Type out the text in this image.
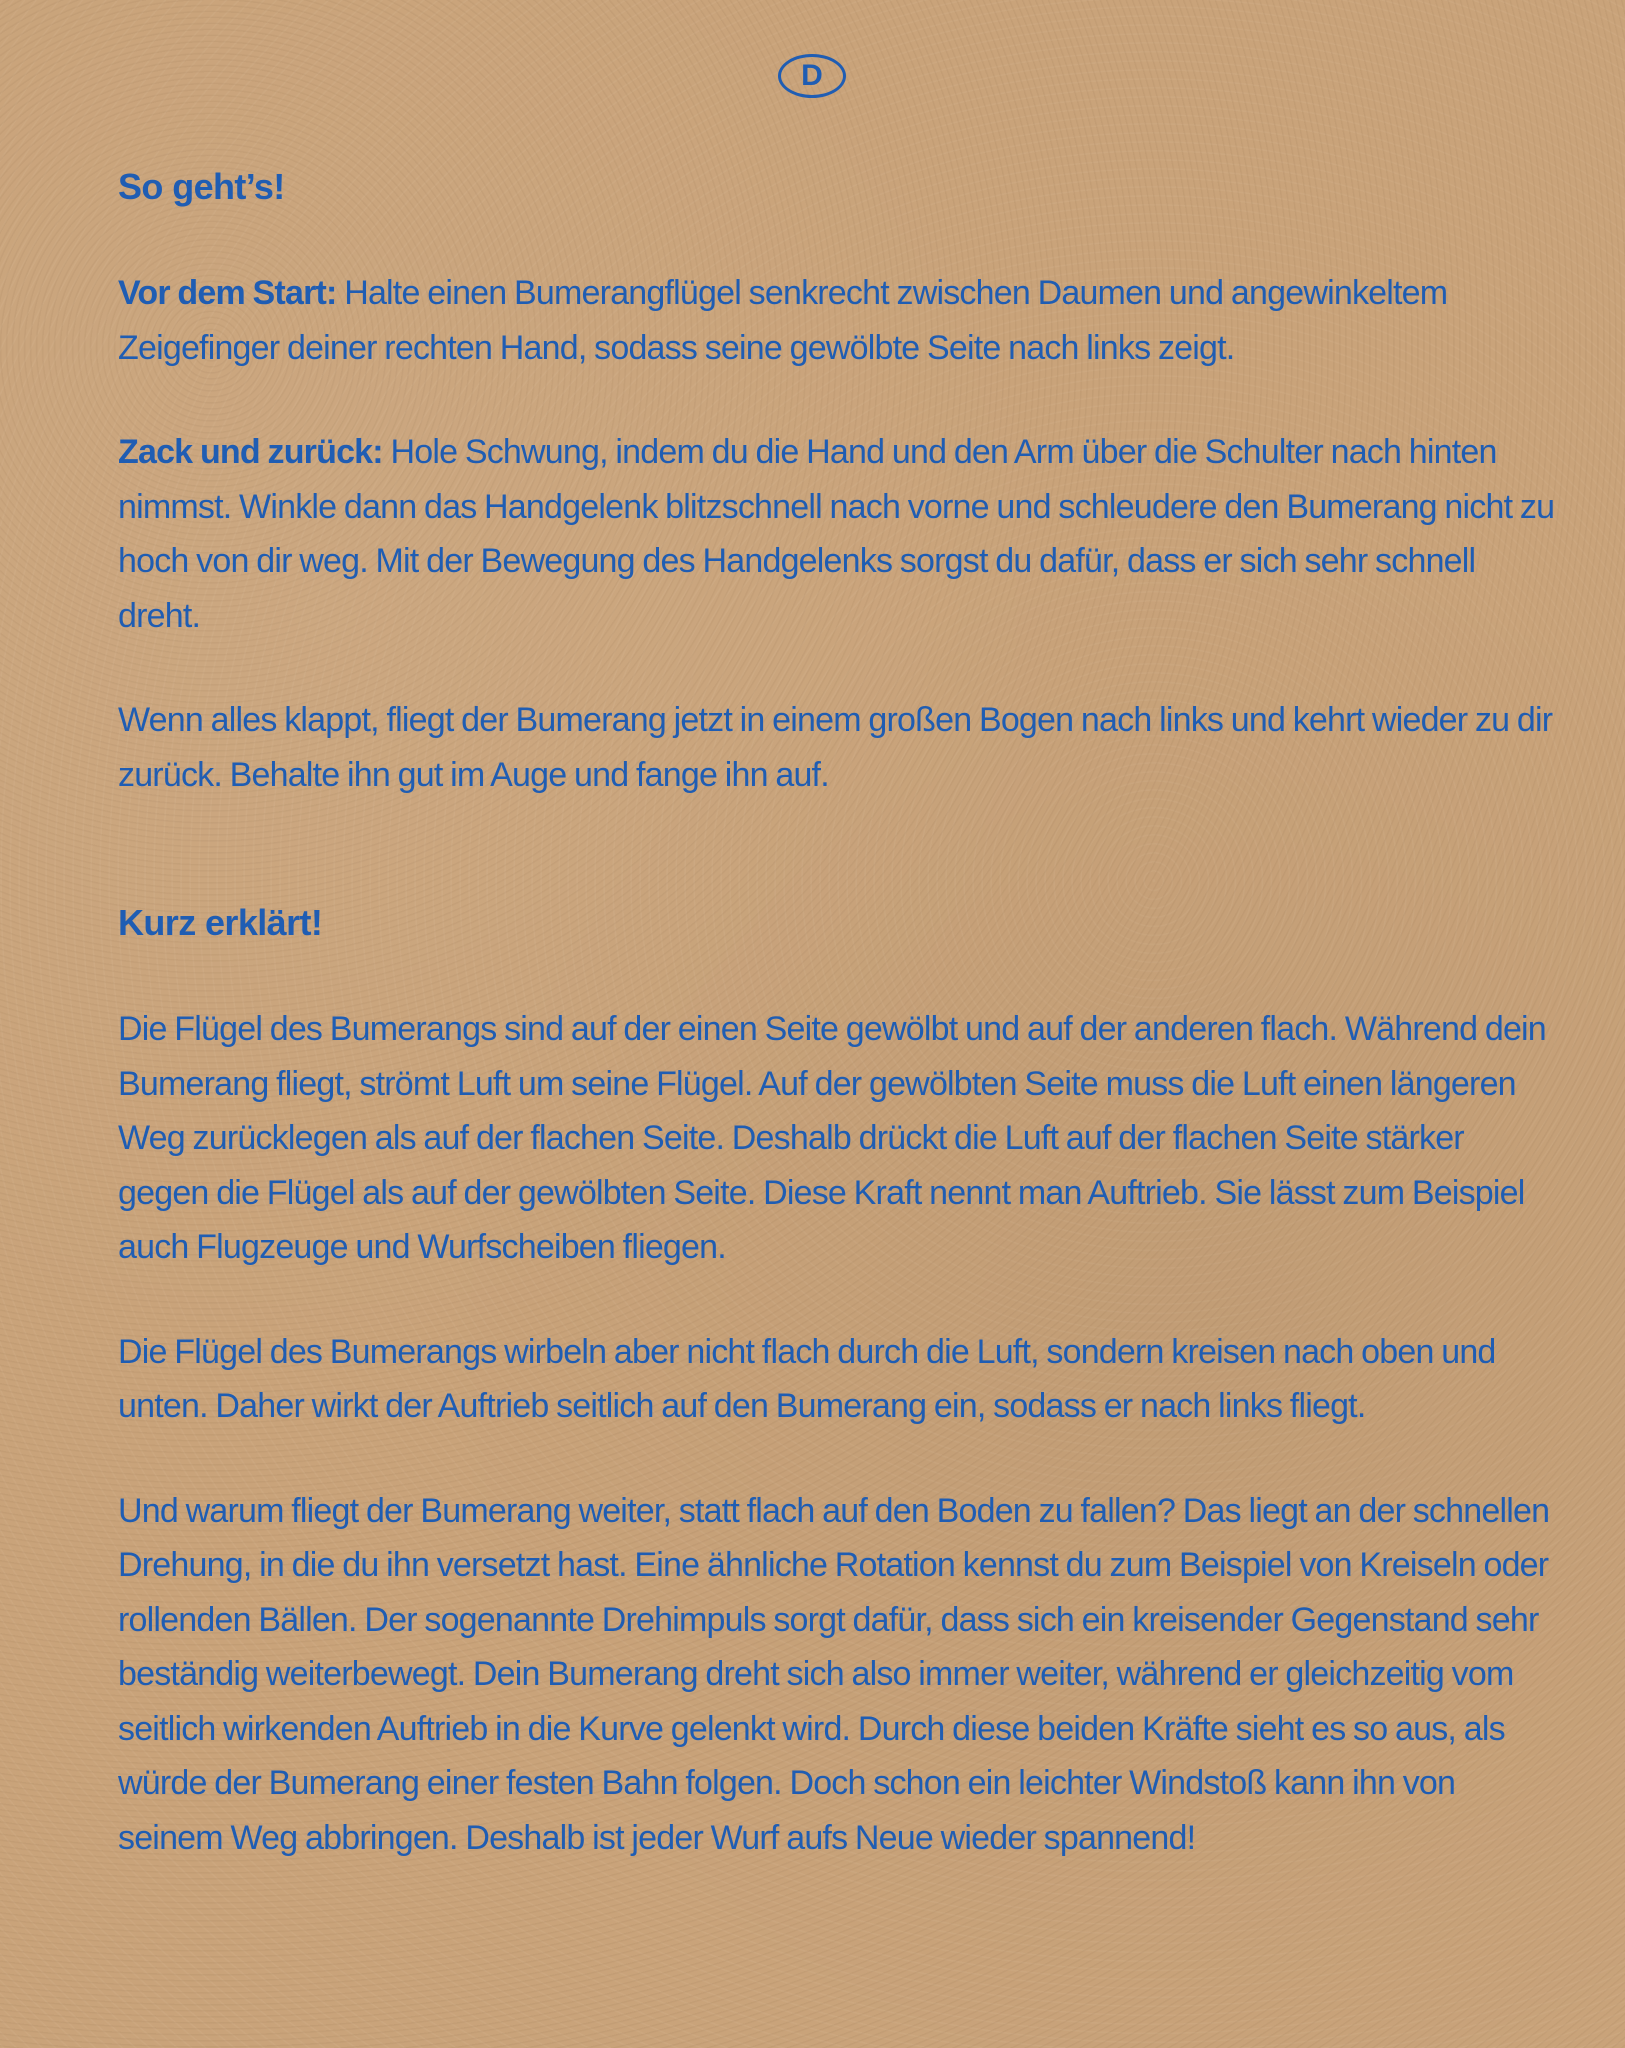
D
So geht’s!

Vor dem Start: Halte einen Bumerangflügel senkrecht zwischen Daumen und angewinkeltem Zeigefinger deiner rechten Hand, sodass seine gewölbte Seite nach links zeigt.

Zack und zurück: Hole Schwung, indem du die Hand und den Arm über die Schulter nach hinten nimmst. Winkle dann das Handgelenk blitzschnell nach vorne und schleudere den Bumerang nicht zu hoch von dir weg. Mit der Bewegung des Handgelenks sorgst du dafür, dass er sich sehr schnell dreht.

Wenn alles klappt, fliegt der Bumerang jetzt in einem großen Bogen nach links und kehrt wieder zu dir zurück. Behalte ihn gut im Auge und fange ihn auf.

Kurz erklärt!

Die Flügel des Bumerangs sind auf der einen Seite gewölbt und auf der anderen flach. Während dein Bumerang fliegt, strömt Luft um seine Flügel. Auf der gewölbten Seite muss die Luft einen längeren Weg zurücklegen als auf der flachen Seite. Deshalb drückt die Luft auf der flachen Seite stärker gegen die Flügel als auf der gewölbten Seite. Diese Kraft nennt man Auftrieb. Sie lässt zum Beispiel auch Flugzeuge und Wurfscheiben fliegen.

Die Flügel des Bumerangs wirbeln aber nicht flach durch die Luft, sondern kreisen nach oben und unten. Daher wirkt der Auftrieb seitlich auf den Bumerang ein, sodass er nach links fliegt.

Und warum fliegt der Bumerang weiter, statt flach auf den Boden zu fallen? Das liegt an der schnellen Drehung, in die du ihn versetzt hast. Eine ähnliche Rotation kennst du zum Beispiel von Kreiseln oder rollenden Bällen. Der sogenannte Drehimpuls sorgt dafür, dass sich ein kreisender Gegenstand sehr beständig weiterbewegt. Dein Bumerang dreht sich also immer weiter, während er gleichzeitig vom seitlich wirkenden Auftrieb in die Kurve gelenkt wird. Durch diese beiden Kräfte sieht es so aus, als würde der Bumerang einer festen Bahn folgen. Doch schon ein leichter Windstoß kann ihn von seinem Weg abbringen. Deshalb ist jeder Wurf aufs Neue wieder spannend!
